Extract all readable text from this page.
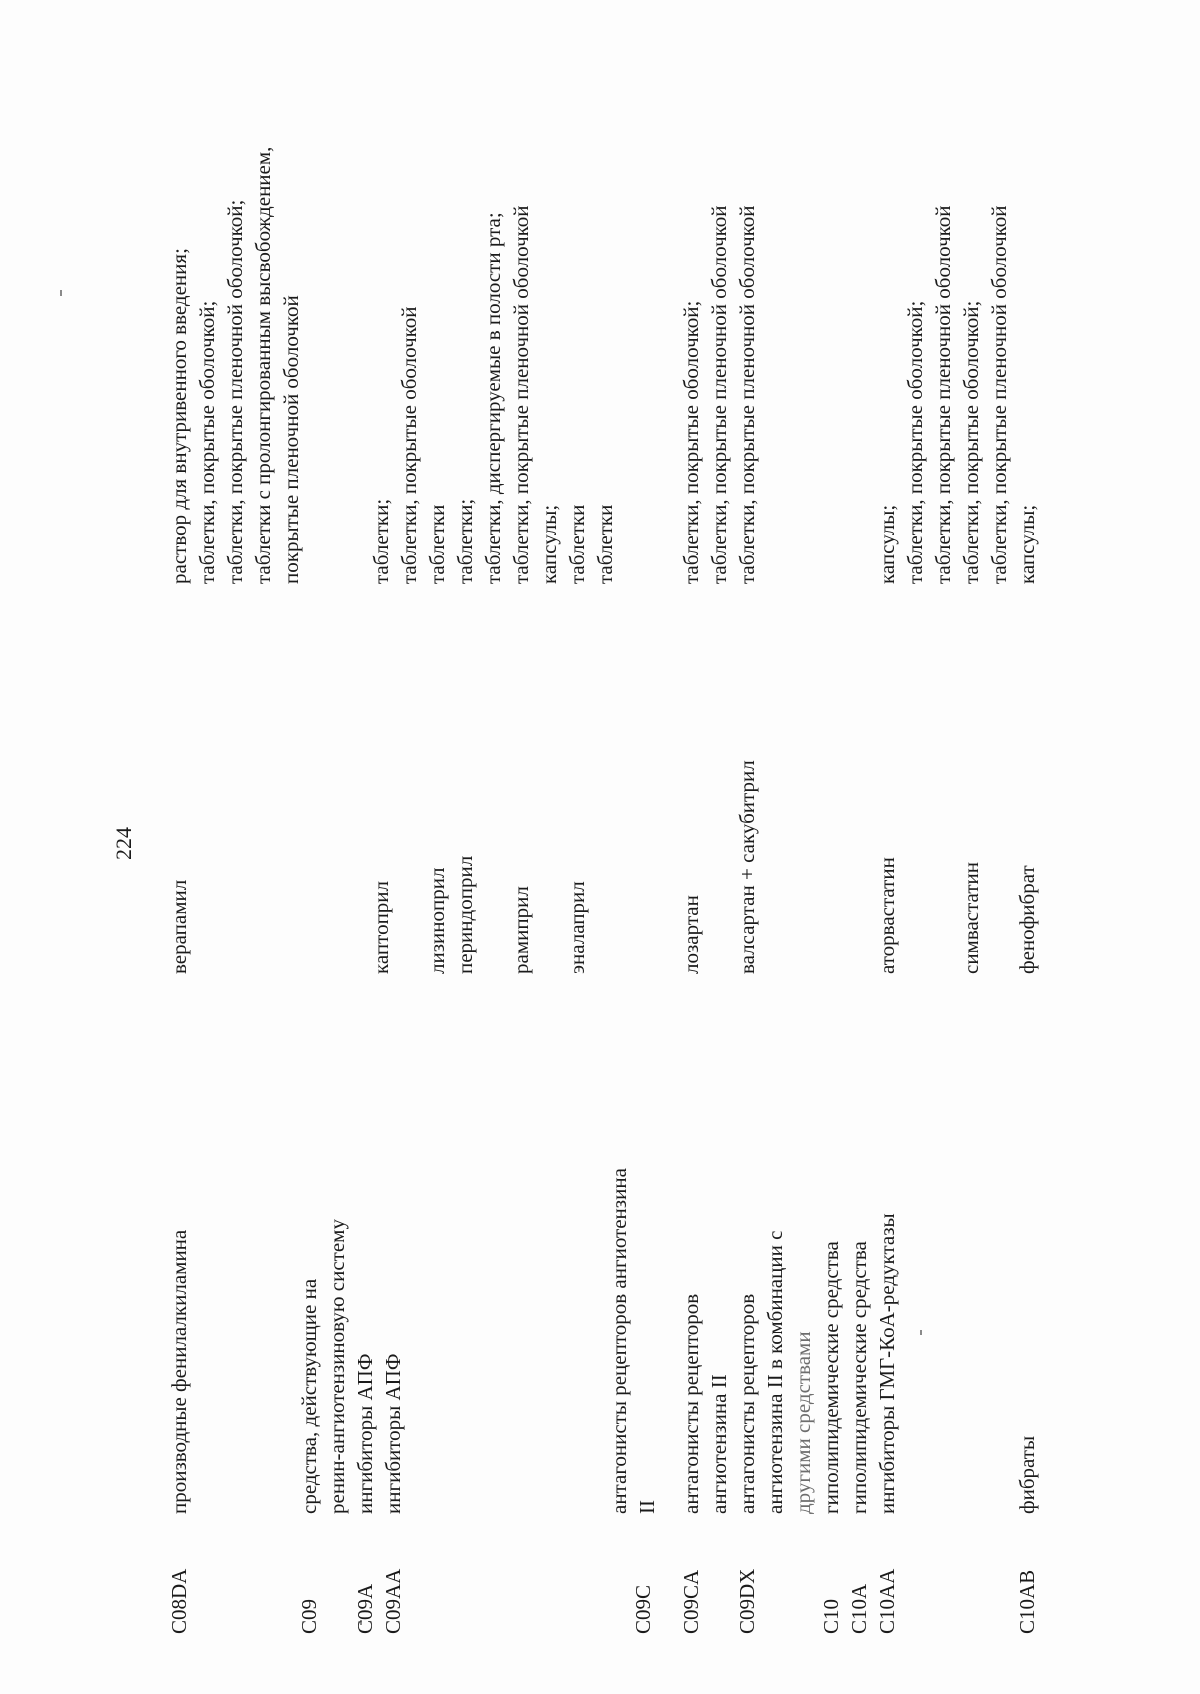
224
C08DA
производные фенилалкиламина
верапамил
раствор для внутривенного введения; таблетки, покрытые оболочкой; таблетки, покрытые пленочной оболочкой; таблетки с пролонгированным высвобождением, покрытые пленочной оболочкой
C09 C09A C09AA
средства, действующие на ренин-ангиотензиновую систему ингибиторы АПФ ингибиторы АПФ
каптоприл лизиноприл периндоприл рамиприл эналаприл
таблетки; таблетки, покрытые оболочкой таблетки таблетки; таблетки, диспергируемые в полости рта; таблетки, покрытые пленочной оболочкой капсулы; таблетки таблетки
C09C
антагонисты рецепторов ангиотензина II
C09CA
антагонисты рецепторов ангиотензина II
лозартан
таблетки, покрытые оболочкой; таблетки, покрытые пленочной оболочкой
C09DX
антагонисты рецепторов ангиотензина II в комбинации с другими средствами
валсартан + сакубитрил
таблетки, покрытые пленочной оболочкой
C10 C10A C10AA
гиполипидемические средства гиполипидемические средства ингибиторы ГМГ-КоА-редуктазы
аторвастатин	симвастатин
капсулы; таблетки, покрытые оболочкой; таблетки, покрытые пленочной оболочкой таблетки, покрытые оболочкой; таблетки, покрытые пленочной оболочкой
C10AB
фибраты
фенофибрат
капсулы;
